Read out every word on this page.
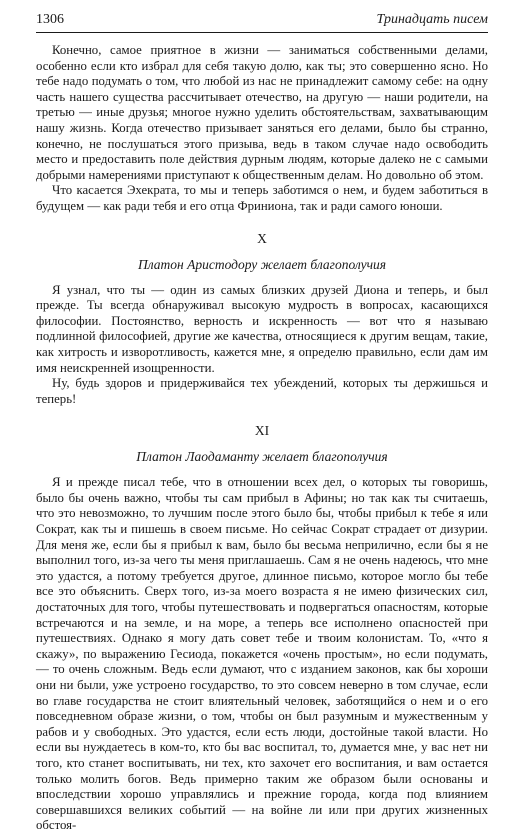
1306	Тринадцать писем

Конечно, самое приятное в жизни — заниматься собственными делами, особенно если кто избрал для себя такую долю, как ты; это совершенно ясно. Но тебе надо подумать о том, что любой из нас не принадлежит самому себе: на одну часть нашего существа рассчитывает отечество, на другую — наши родители, на третью — иные друзья; многое нужно уделить обстоятельствам, захватывающим нашу жизнь. Когда отечество призывает заняться его делами, было бы странно, конечно, не послушаться этого призыва, ведь в таком случае надо освободить место и предоставить поле действия дурным людям, которые далеко не с самыми добрыми намерениями приступают к общественным делам. Но довольно об этом.

Что касается Эхекрата, то мы и теперь заботимся о нем, и будем заботиться в будущем — как ради тебя и его отца Фриниона, так и ради самого юноши.

X
Платон Аристодору желает благополучия

Я узнал, что ты — один из самых близких друзей Диона и теперь, и был прежде. Ты всегда обнаруживал высокую мудрость в вопросах, касающихся философии. Постоянство, верность и искренность — вот что я называю подлинной философией, другие же качества, относящиеся к другим вещам, такие, как хитрость и изворотливость, кажется мне, я определю правильно, если дам им имя неискренней изощренности.

Ну, будь здоров и придерживайся тех убеждений, которых ты держишься и теперь!

XI
Платон Лаодаманту желает благополучия

Я и прежде писал тебе, что в отношении всех дел, о которых ты говоришь, было бы очень важно, чтобы ты сам прибыл в Афины; но так как ты считаешь, что это невозможно, то лучшим после этого было бы, чтобы прибыл к тебе я или Сократ, как ты и пишешь в своем письме. Но сейчас Сократ страдает от дизурии. Для меня же, если бы я прибыл к вам, было бы весьма неприлично, если бы я не выполнил того, из-за чего ты меня приглашаешь. Сам я не очень надеюсь, что мне это удастся, а потому требуется другое, длинное письмо, которое могло бы тебе все это объяснить. Сверх того, из-за моего возраста я не имею физических сил, достаточных для того, чтобы путешествовать и подвергаться опасностям, которые встречаются и на земле, и на море, а теперь все исполнено опасностей при путешествиях. Однако я могу дать совет тебе и твоим колонистам. То, «что я скажу», по выражению Гесиода, покажется «очень простым», но если подумать, — то очень сложным. Ведь если думают, что с изданием законов, как бы хороши они ни были, уже устроено государство, то это совсем неверно в том случае, если во главе государства не стоит влиятельный человек, заботящийся о нем и о его повседневном образе жизни, о том, чтобы он был разумным и мужественным у рабов и у свободных. Это удастся, если есть люди, достойные такой власти. Но если вы нуждаетесь в ком-то, кто бы вас воспитал, то, думается мне, у вас нет ни того, кто станет воспитывать, ни тех, кто захочет его воспитания, и вам остается только молить богов. Ведь примерно таким же образом были основаны и впоследствии хорошо управлялись и прежние города, когда под влиянием совершавшихся великих событий — на войне ли или при других жизненных обстоя-
